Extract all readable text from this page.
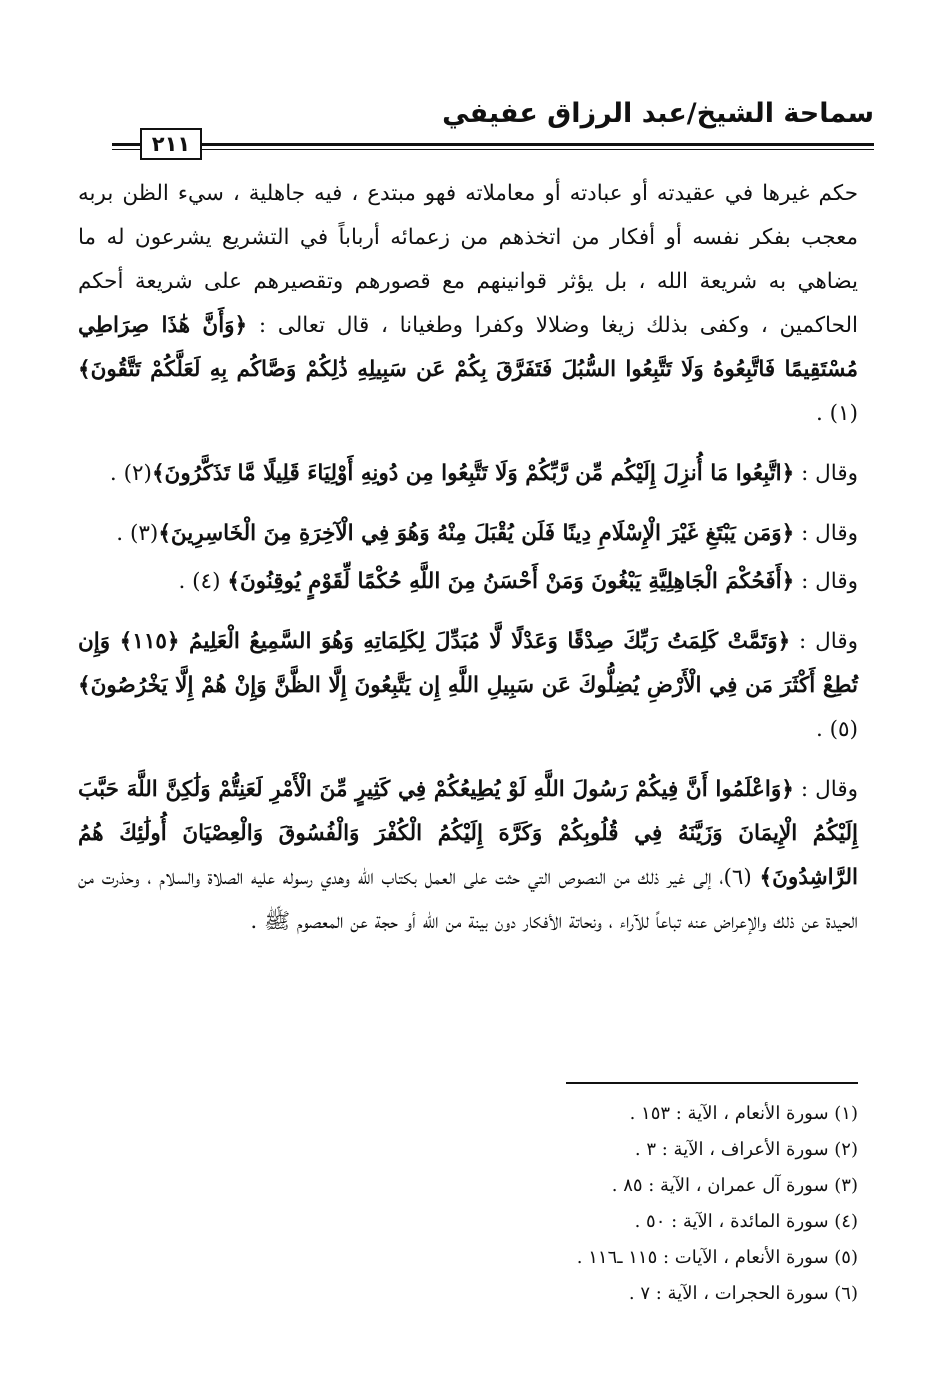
سماحة الشيخ/عبد الرزاق عفيفي
٢١١

حكم غيرها في عقيدته أو عبادته أو معاملاته فهو مبتدع ، فيه جاهلية ، سيء الظن بربه معجب بفكر نفسه أو أفكار من اتخذهم من زعمائه أرباباً في التشريع يشرعون له ما يضاهي به شريعة الله ، بل يؤثر قوانينهم مع قصورهم وتقصيرهم على شريعة أحكم الحاكمين ، وكفى بذلك زيغا وضلالا وكفرا وطغيانا ، قال تعالى : ﴿وَأَنَّ هَٰذَا صِرَاطِي مُسْتَقِيمًا فَاتَّبِعُوهُ وَلَا تَتَّبِعُوا السُّبُلَ فَتَفَرَّقَ بِكُمْ عَن سَبِيلِهِ ذَٰلِكُمْ وَصَّاكُم بِهِ لَعَلَّكُمْ تَتَّقُونَ﴾ (١) .

وقال : ﴿اتَّبِعُوا مَا أُنزِلَ إِلَيْكُم مِّن رَّبِّكُمْ وَلَا تَتَّبِعُوا مِن دُونِهِ أَوْلِيَاءَ قَلِيلًا مَّا تَذَكَّرُونَ﴾(٢) .

وقال : ﴿وَمَن يَبْتَغِ غَيْرَ الْإِسْلَامِ دِينًا فَلَن يُقْبَلَ مِنْهُ وَهُوَ فِي الْآخِرَةِ مِنَ الْخَاسِرِينَ﴾(٣) .

وقال : ﴿أَفَحُكْمَ الْجَاهِلِيَّةِ يَبْغُونَ وَمَنْ أَحْسَنُ مِنَ اللَّهِ حُكْمًا لِّقَوْمٍ يُوقِنُونَ﴾ (٤) .

وقال : ﴿وَتَمَّتْ كَلِمَتُ رَبِّكَ صِدْقًا وَعَدْلًا لَّا مُبَدِّلَ لِكَلِمَاتِهِ وَهُوَ السَّمِيعُ الْعَلِيمُ ﴿١١٥﴾ وَإِن تُطِعْ أَكْثَرَ مَن فِي الْأَرْضِ يُضِلُّوكَ عَن سَبِيلِ اللَّهِ إِن يَتَّبِعُونَ إِلَّا الظَّنَّ وَإِنْ هُمْ إِلَّا يَخْرُصُونَ﴾(٥) .

وقال : ﴿وَاعْلَمُوا أَنَّ فِيكُمْ رَسُولَ اللَّهِ لَوْ يُطِيعُكُمْ فِي كَثِيرٍ مِّنَ الْأَمْرِ لَعَنِتُّمْ وَلَٰكِنَّ اللَّهَ حَبَّبَ إِلَيْكُمُ الْإِيمَانَ وَزَيَّنَهُ فِي قُلُوبِكُمْ وَكَرَّهَ إِلَيْكُمُ الْكُفْرَ وَالْفُسُوقَ وَالْعِصْيَانَ أُولَٰئِكَ هُمُ الرَّاشِدُونَ﴾ (٦)، إلى غير ذلك من النصوص التي حثت على العمل بكتاب الله وهدي رسوله عليه الصلاة والسلام ، وحذرت من الحيدة عن ذلك والإعراض عنه تباعاً للآراء ، ونحاتة الأفكار دون بينة من الله أو حجة عن المعصوم ﷺ .

(١) سورة الأنعام ، الآية : ١٥٣ .
(٢) سورة الأعراف ، الآية : ٣ .
(٣) سورة آل عمران ، الآية : ٨٥ .
(٤) سورة المائدة ، الآية : ٥٠ .
(٥) سورة الأنعام ، الآيات : ١١٥ ـ١١٦ .
(٦) سورة الحجرات ، الآية : ٧ .
